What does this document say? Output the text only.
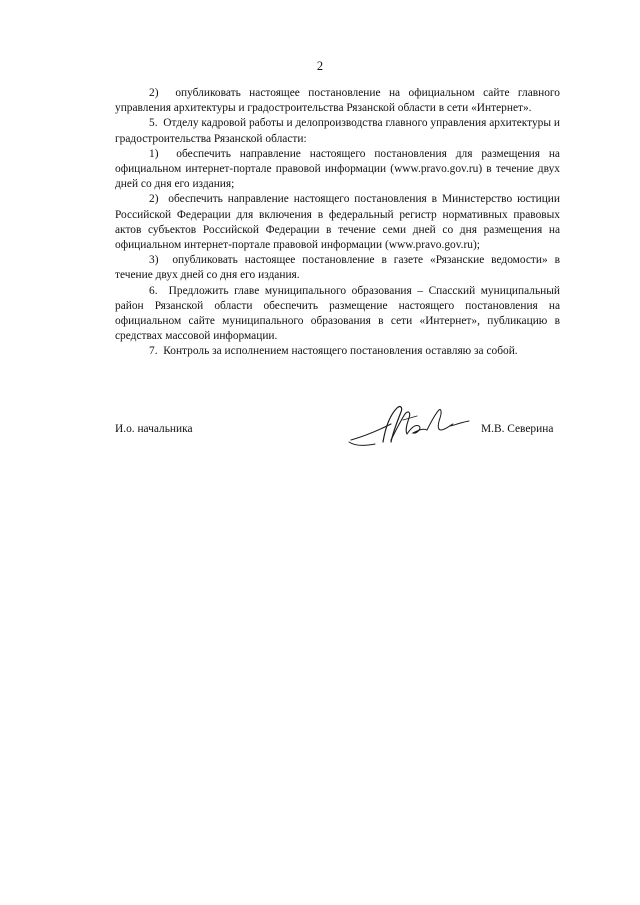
2

2)  опубликовать настоящее постановление на официальном сайте главного управления архитектуры и градостроительства Рязанской области в сети «Интернет».

5.  Отделу кадровой работы и делопроизводства главного управления архитектуры и градостроительства Рязанской области:

1)  обеспечить направление настоящего постановления для размещения на официальном интернет-портале правовой информации (www.pravo.gov.ru) в течение двух дней со дня его издания;

2)  обеспечить направление настоящего постановления в Министерство юстиции Российской Федерации для включения в федеральный регистр нормативных правовых актов субъектов Российской Федерации в течение семи дней со дня размещения на официальном интернет-портале правовой информации (www.pravo.gov.ru);

3)  опубликовать настоящее постановление в газете «Рязанские ведомости» в течение двух дней со дня его издания.

6.  Предложить главе муниципального образования – Спасский муниципальный район Рязанской области обеспечить размещение настоящего постановления на официальном сайте муниципального образования в сети «Интернет», публикацию в средствах массовой информации.

7.  Контроль за исполнением настоящего постановления оставляю за собой.

И.о. начальника	М.В. Северина
